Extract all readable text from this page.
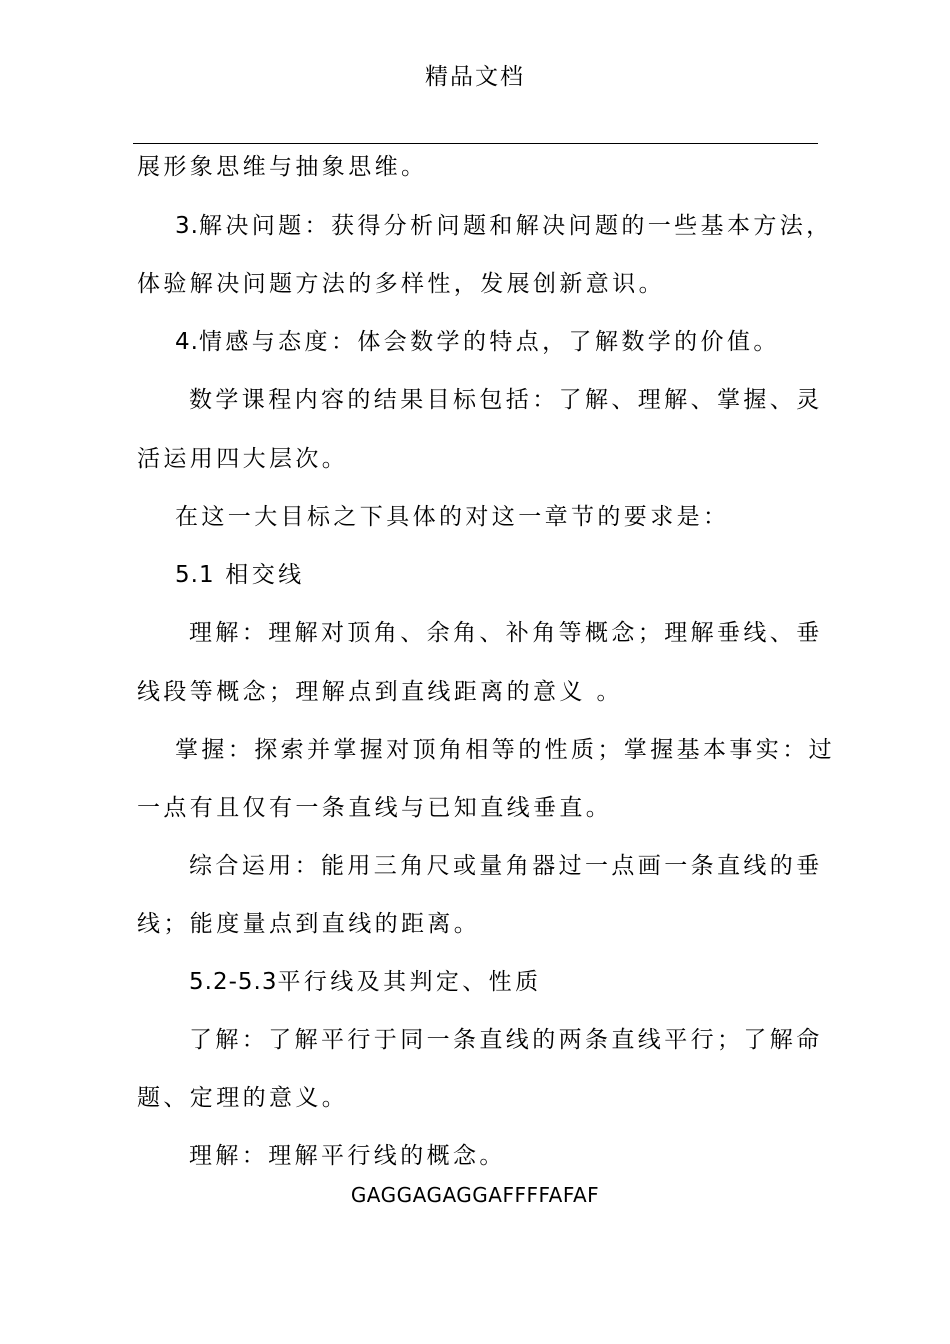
精品文档
展形象思维与抽象思维。
3.解决问题：获得分析问题和解决问题的一些基本方法，
体验解决问题方法的多样性，发展创新意识。
4.情感与态度：体会数学的特点，了解数学的价值。
数学课程内容的结果目标包括：了解、理解、掌握、灵
活运用四大层次。
在这一大目标之下具体的对这一章节的要求是：
5.1 相交线
理解：理解对顶角、余角、补角等概念；理解垂线、垂
线段等概念；理解点到直线距离的意义 。
掌握：探索并掌握对顶角相等的性质；掌握基本事实：过
一点有且仅有一条直线与已知直线垂直。
综合运用：能用三角尺或量角器过一点画一条直线的垂
线；能度量点到直线的距离。
5.2-5.3平行线及其判定、性质
了解：了解平行于同一条直线的两条直线平行；了解命
题、定理的意义。
理解：理解平行线的概念。
GAGGAGAGGAFFFFAFAF
